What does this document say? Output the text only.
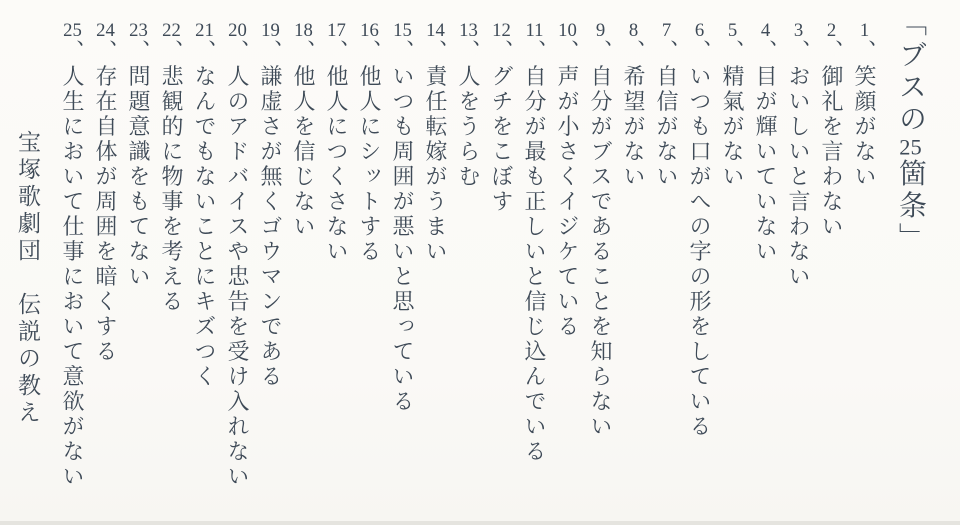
「ブスの25箇条」
1、笑顔がない
2、御礼を言わない
3、おいしいと言わない
4、目が輝いていない
5、精氣がない
6、いつも口がへの字の形をしている
7、自信がない
8、希望がない
9、自分がブスであることを知らない
10、声が小さくイジケている
11、自分が最も正しいと信じ込んでいる
12、グチをこぼす
13、人をうらむ
14、責任転嫁がうまい
15、いつも周囲が悪いと思っている
16、他人にシットする
17、他人につくさない
18、他人を信じない
19、謙虚さが無くゴウマンである
20、人のアドバイスや忠告を受け入れない
21、なんでもないことにキズつく
22、悲観的に物事を考える
23、問題意識をもてない
24、存在自体が周囲を暗くする
25、人生において仕事において意欲がない
宝塚歌劇団　伝説の教え
